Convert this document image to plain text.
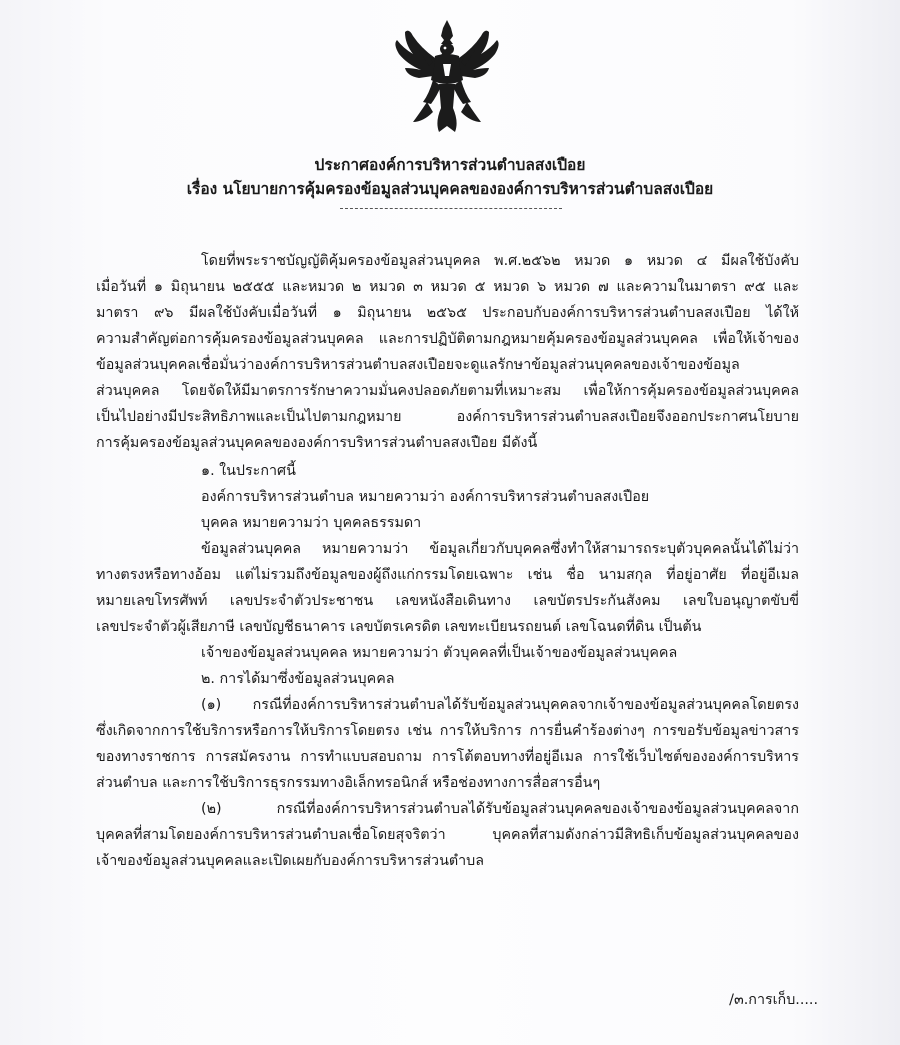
ประกาศองค์การบริหารส่วนตำบลสงเปือย
เรื่อง นโยบายการคุ้มครองข้อมูลส่วนบุคคลขององค์การบริหารส่วนตำบลสงเปือย
โดยที่พระราชบัญญัติคุ้มครองข้อมูลส่วนบุคคล พ.ศ.๒๕๖๒ หมวด ๑ หมวด ๔ มีผลใช้บังคับ
เมื่อวันที่ ๑ มิถุนายน ๒๕๕๕ และหมวด ๒ หมวด ๓ หมวด ๕ หมวด ๖ หมวด ๗ และความในมาตรา ๙๕ และ
มาตรา ๙๖ มีผลใช้บังคับเมื่อวันที่ ๑ มิถุนายน ๒๕๖๕ ประกอบกับองค์การบริหารส่วนตำบลสงเปือย ได้ให้
ความสำคัญต่อการคุ้มครองข้อมูลส่วนบุคคล และการปฏิบัติตามกฎหมายคุ้มครองข้อมูลส่วนบุคคล เพื่อให้เจ้าของ
ข้อมูลส่วนบุคคลเชื่อมั่นว่าองค์การบริหารส่วนตำบลสงเปือยจะดูแลรักษาข้อมูลส่วนบุคคลของเจ้าของข้อมูล
ส่วนบุคคล โดยจัดให้มีมาตรการรักษาความมั่นคงปลอดภัยตามที่เหมาะสม เพื่อให้การคุ้มครองข้อมูลส่วนบุคคล
เป็นไปอย่างมีประสิทธิภาพและเป็นไปตามกฎหมาย องค์การบริหารส่วนตำบลสงเปือยจึงออกประกาศนโยบาย
การคุ้มครองข้อมูลส่วนบุคคลขององค์การบริหารส่วนตำบลสงเปือย มีดังนี้
๑. ในประกาศนี้
องค์การบริหารส่วนตำบล หมายความว่า องค์การบริหารส่วนตำบลสงเปือย
บุคคล หมายความว่า บุคคลธรรมดา
ข้อมูลส่วนบุคคล หมายความว่า ข้อมูลเกี่ยวกับบุคคลซึ่งทำให้สามารถระบุตัวบุคคลนั้นได้ไม่ว่า
ทางตรงหรือทางอ้อม แต่ไม่รวมถึงข้อมูลของผู้ถึงแก่กรรมโดยเฉพาะ เช่น ชื่อ นามสกุล ที่อยู่อาศัย ที่อยู่อีเมล
หมายเลขโทรศัพท์ เลขประจำตัวประชาชน เลขหนังสือเดินทาง เลขบัตรประกันสังคม เลขใบอนุญาตขับขี่
เลขประจำตัวผู้เสียภาษี เลขบัญชีธนาคาร เลขบัตรเครดิต เลขทะเบียนรถยนต์ เลขโฉนดที่ดิน เป็นต้น
เจ้าของข้อมูลส่วนบุคคล หมายความว่า ตัวบุคคลที่เป็นเจ้าของข้อมูลส่วนบุคคล
๒. การได้มาซึ่งข้อมูลส่วนบุคคล
(๑) กรณีที่องค์การบริหารส่วนตำบลได้รับข้อมูลส่วนบุคคลจากเจ้าของข้อมูลส่วนบุคคลโดยตรง
ซึ่งเกิดจากการใช้บริการหรือการให้บริการโดยตรง เช่น การให้บริการ การยื่นคำร้องต่างๆ การขอรับข้อมูลข่าวสาร
ของทางราชการ การสมัครงาน การทำแบบสอบถาม การโต้ตอบทางที่อยู่อีเมล การใช้เว็บไซต์ขององค์การบริหาร
ส่วนตำบล และการใช้บริการธุรกรรมทางอิเล็กทรอนิกส์ หรือช่องทางการสื่อสารอื่นๆ
(๒) กรณีที่องค์การบริหารส่วนตำบลได้รับข้อมูลส่วนบุคคลของเจ้าของข้อมูลส่วนบุคคลจาก
บุคคลที่สามโดยองค์การบริหารส่วนตำบลเชื่อโดยสุจริตว่า บุคคลที่สามดังกล่าวมีสิทธิเก็บข้อมูลส่วนบุคคลของ
เจ้าของข้อมูลส่วนบุคคลและเปิดเผยกับองค์การบริหารส่วนตำบล
/๓.การเก็บ.....
